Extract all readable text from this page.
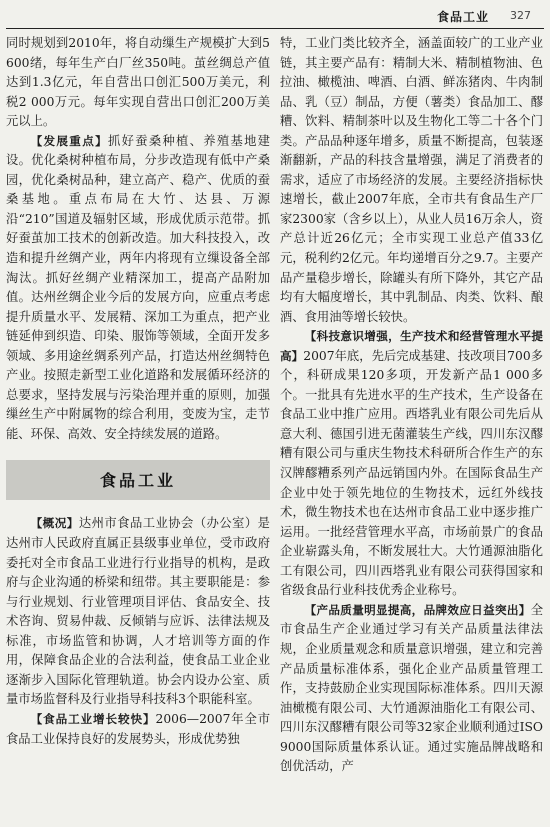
食品工业 327

同时规划到2010年，将自动缫生产规模扩大到5 600绪，每年生产白厂丝350吨。茧丝绸总产值达到1.3亿元，年自营出口创汇500万美元，利税2 000万元。每年实现自营出口创汇200万美元以上。

【发展重点】抓好蚕桑种植、养殖基地建设。优化桑树种植布局，分步改造现有低中产桑园，优化桑树品种，建立高产、稳产、优质的蚕桑基地。重点布局在大竹、达县、万源沿“210”国道及辐射区域，形成优质示范带。抓好蚕茧加工技术的创新改造。加大科技投入，改造和提升丝绸产业，两年内将现有立缫设备全部淘汰。抓好丝绸产业精深加工，提高产品附加值。达州丝绸企业今后的发展方向，应重点考虑提升质量水平、发展精、深加工为重点，把产业链延伸到织造、印染、服饰等领域，全面开发多领域、多用途丝绸系列产品，打造达州丝绸特色产业。按照走新型工业化道路和发展循环经济的总要求，坚持发展与污染治理并重的原则，加强缫丝生产中附属物的综合利用，变废为宝，走节能、环保、高效、安全持续发展的道路。

食品工业

【概况】达州市食品工业协会（办公室）是达州市人民政府直属正县级事业单位，受市政府委托对全市食品工业进行行业指导的机构，是政府与企业沟通的桥梁和纽带。其主要职能是：参与行业规划、行业管理项目评估、食品安全、技术咨询、贸易仲裁、反倾销与应诉、法律法规及标准，市场监管和协调，人才培训等方面的作用，保障食品企业的合法利益，使食品工业企业逐渐步入国际化管理轨道。协会内设办公室、质量市场监督科及行业指导科技科3个职能科室。

【食品工业增长较快】2006—2007年全市食品工业保持良好的发展势头，形成优势独

特，工业门类比较齐全，涵盖面较广的工业产业链，其主要产品有：精制大米、精制植物油、色拉油、橄榄油、啤酒、白酒、鲜冻猪肉、牛肉制品、乳（豆）制品，方便（薯类）食品加工、醪糟、饮料、精制茶叶以及生物化工等二十各个门类。产品品种逐年增多，质量不断提高，包装逐渐翻新，产品的科技含量增强，满足了消费者的需求，适应了市场经济的发展。主要经济指标快速增长，截止2007年底，全市共有食品生产厂家2300家（含乡以上），从业人员16万余人，资产总计近26亿元；全市实现工业总产值33亿元，税利约2亿元。年均递增百分之9.7。主要产品产量稳步增长，除罐头有所下降外，其它产品均有大幅度增长，其中乳制品、肉类、饮料、酿酒、食用油等增长较快。

【科技意识增强，生产技术和经营管理水平提高】2007年底，先后完成基建、技改项目700多个，科研成果120多项，开发新产品1 000多个。一批具有先进水平的生产技术，生产设备在食品工业中推广应用。西塔乳业有限公司先后从意大利、德国引进无菌灌装生产线，四川东汉醪糟有限公司与重庆生物技术科研所合作生产的东汉牌醪糟系列产品远销国内外。在国际食品生产企业中处于领先地位的生物技术，远红外线技术，微生物技术也在达州市食品工业中逐步推广运用。一批经营管理水平高，市场前景广的食品企业崭露头角，不断发展壮大。大竹通源油脂化工有限公司，四川西塔乳业有限公司获得国家和省级食品行业科技优秀企业称号。

【产品质量明显提高，品牌效应日益突出】全市食品生产企业通过学习有关产品质量法律法规，企业质量观念和质量意识增强，建立和完善产品质量标准体系，强化企业产品质量管理工作，支持鼓励企业实现国际标准体系。四川天源油橄榄有限公司、大竹通源油脂化工有限公司、四川东汉醪糟有限公司等32家企业顺利通过ISO 9000国际质量体系认证。通过实施品牌战略和创优活动，产
